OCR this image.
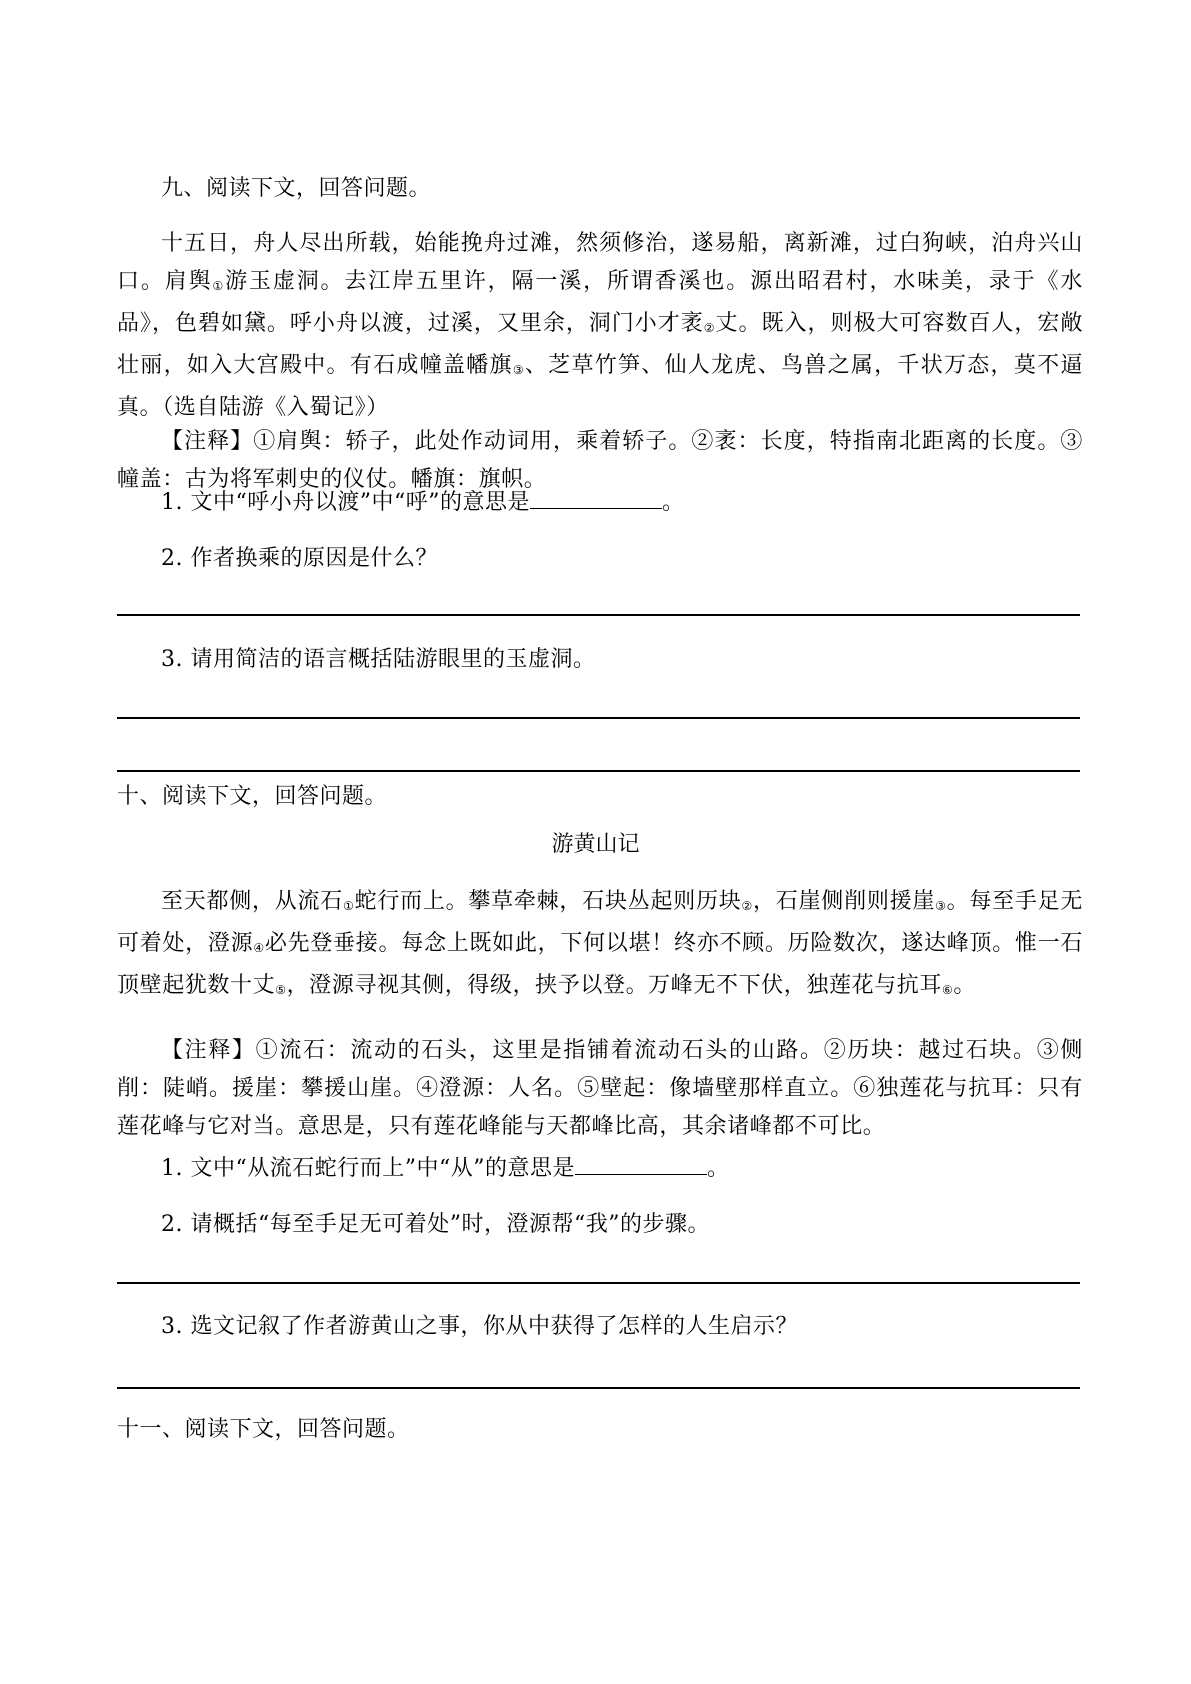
九、阅读下文，回答问题。

十五日，舟人尽出所载，始能挽舟过滩，然须修治，遂易船，离新滩，过白狗峡，泊舟兴山口。肩舆$_①$游玉虚洞。去江岸五里许，隔一溪，所谓香溪也。源出昭君村，水味美，录于《水品》，色碧如黛。呼小舟以渡，过溪，又里余，洞门小才袤$_②$丈。既入，则极大可容数百人，宏敞壮丽，如入大宫殿中。有石成幢盖幡旗$_③$、芝草竹笋、仙人龙虎、鸟兽之属，千状万态，莫不逼真。（选自陆游《入蜀记》）

【注释】①肩舆：轿子，此处作动词用，乘着轿子。②袤：长度，特指南北距离的长度。③幢盖：古为将军刺史的仪仗。幡旗：旗帜。

1. 文中“呼小舟以渡”中“呼”的意思是	。

2. 作者换乘的原因是什么？

3. 请用简洁的语言概括陆游眼里的玉虚洞。

十、阅读下文，回答问题。

游黄山记

至天都侧，从流石$_①$蛇行而上。攀草牵棘，石块丛起则历块$_②$，石崖侧削则援崖$_③$。每至手足无可着处，澄源$_④$必先登垂接。每念上既如此，下何以堪！终亦不顾。历险数次，遂达峰顶。惟一石顶壁起犹数十丈$_⑤$，澄源寻视其侧，得级，挟予以登。万峰无不下伏，独莲花与抗耳$_⑥$。

【注释】①流石：流动的石头，这里是指铺着流动石头的山路。②历块：越过石块。③侧削：陡峭。援崖：攀援山崖。④澄源：人名。⑤壁起：像墙壁那样直立。⑥独莲花与抗耳：只有莲花峰与它对当。意思是，只有莲花峰能与天都峰比高，其余诸峰都不可比。

1. 文中“从流石蛇行而上”中“从”的意思是	。

2. 请概括“每至手足无可着处”时，澄源帮“我”的步骤。

3. 选文记叙了作者游黄山之事，你从中获得了怎样的人生启示？

十一、阅读下文，回答问题。
